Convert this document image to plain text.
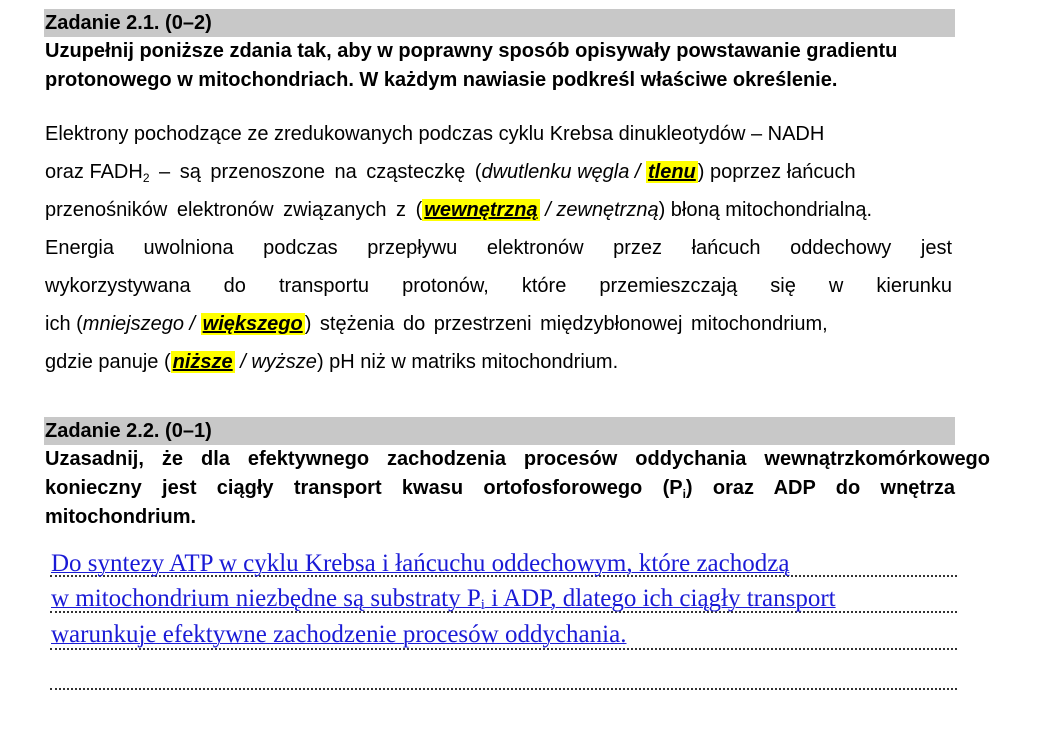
Zadanie 2.1. (0–2)
Uzupełnij poniższe zdania tak, aby w poprawny sposób opisywały powstawanie gradientu
protonowego w mitochondriach. W każdym nawiasie podkreśl właściwe określenie.
Elektrony pochodzące ze zredukowanych podczas cyklu Krebsa dinukleotydów – NADH
oraz $FADH_2$ – są przenoszone na cząsteczkę (dwutlenku węgla / tlenu ) poprzez łańcuch
przenośników elektronów związanych z ( wewnętrzną / zewnętrzną) błoną mitochondrialną.
Energia uwolniona podczas przepływu elektronów przez łańcuch oddechowy jest
wykorzystywana do transportu protonów, które przemieszczają się w kierunku
ich (mniejszego / większego ) stężenia do przestrzeni międzybłonowej mitochondrium,
gdzie panuje ( niższe / wyższe) pH niż w matriks mitochondrium.
Zadanie 2.2. (0–1)
Uzasadnij, że dla efektywnego zachodzenia procesów oddychania wewnątrzkomórkowego
konieczny jest ciągły transport kwasu ortofosforowego $(P_i)$ oraz ADP do wnętrza
mitochondrium.
Do syntezy ATP w cyklu Krebsa i łańcuchu oddechowym, które zachodzą
w mitochondrium niezbędne są substraty $P_i$ i ADP, dlatego ich ciągły transport
warunkuje efektywne zachodzenie procesów oddychania.
